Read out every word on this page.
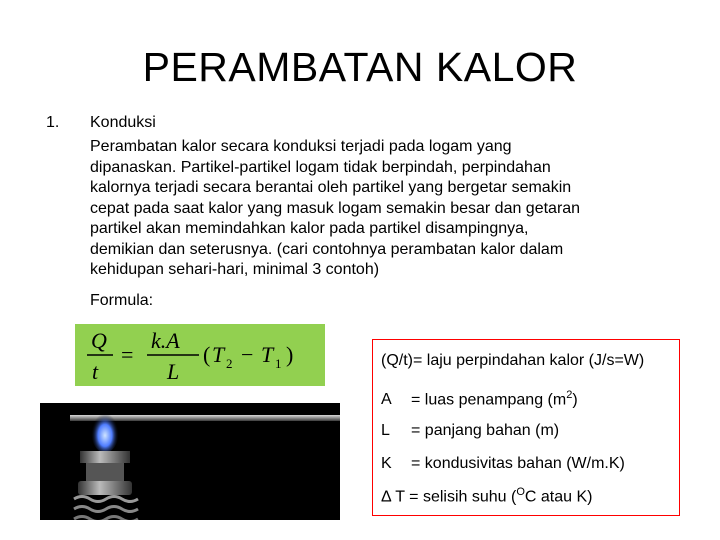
PERAMBATAN KALOR
1. Konduksi
Perambatan kalor secara konduksi terjadi pada logam yang
dipanaskan. Partikel-partikel logam tidak berpindah, perpindahan
kalornya terjadi secara berantai oleh partikel yang bergetar semakin
cepat pada saat kalor yang masuk logam semakin besar dan getaran
partikel akan memindahkan kalor pada partikel disampingnya,
demikian dan seterusnya. (cari contohnya perambatan kalor dalam
kehidupan sehari-hari, minimal 3 contoh)
Formula:
Q
t
=
k.A
L
( T 2 − T 1 )	(Q/t)= laju perpindahan kalor (J/s=W)
A = luas penampang $(m^2)$
L = panjang bahan (m)
K = kondusivitas bahan (W/m.K)
Δ T = selisih suhu ($^O$C atau K)
